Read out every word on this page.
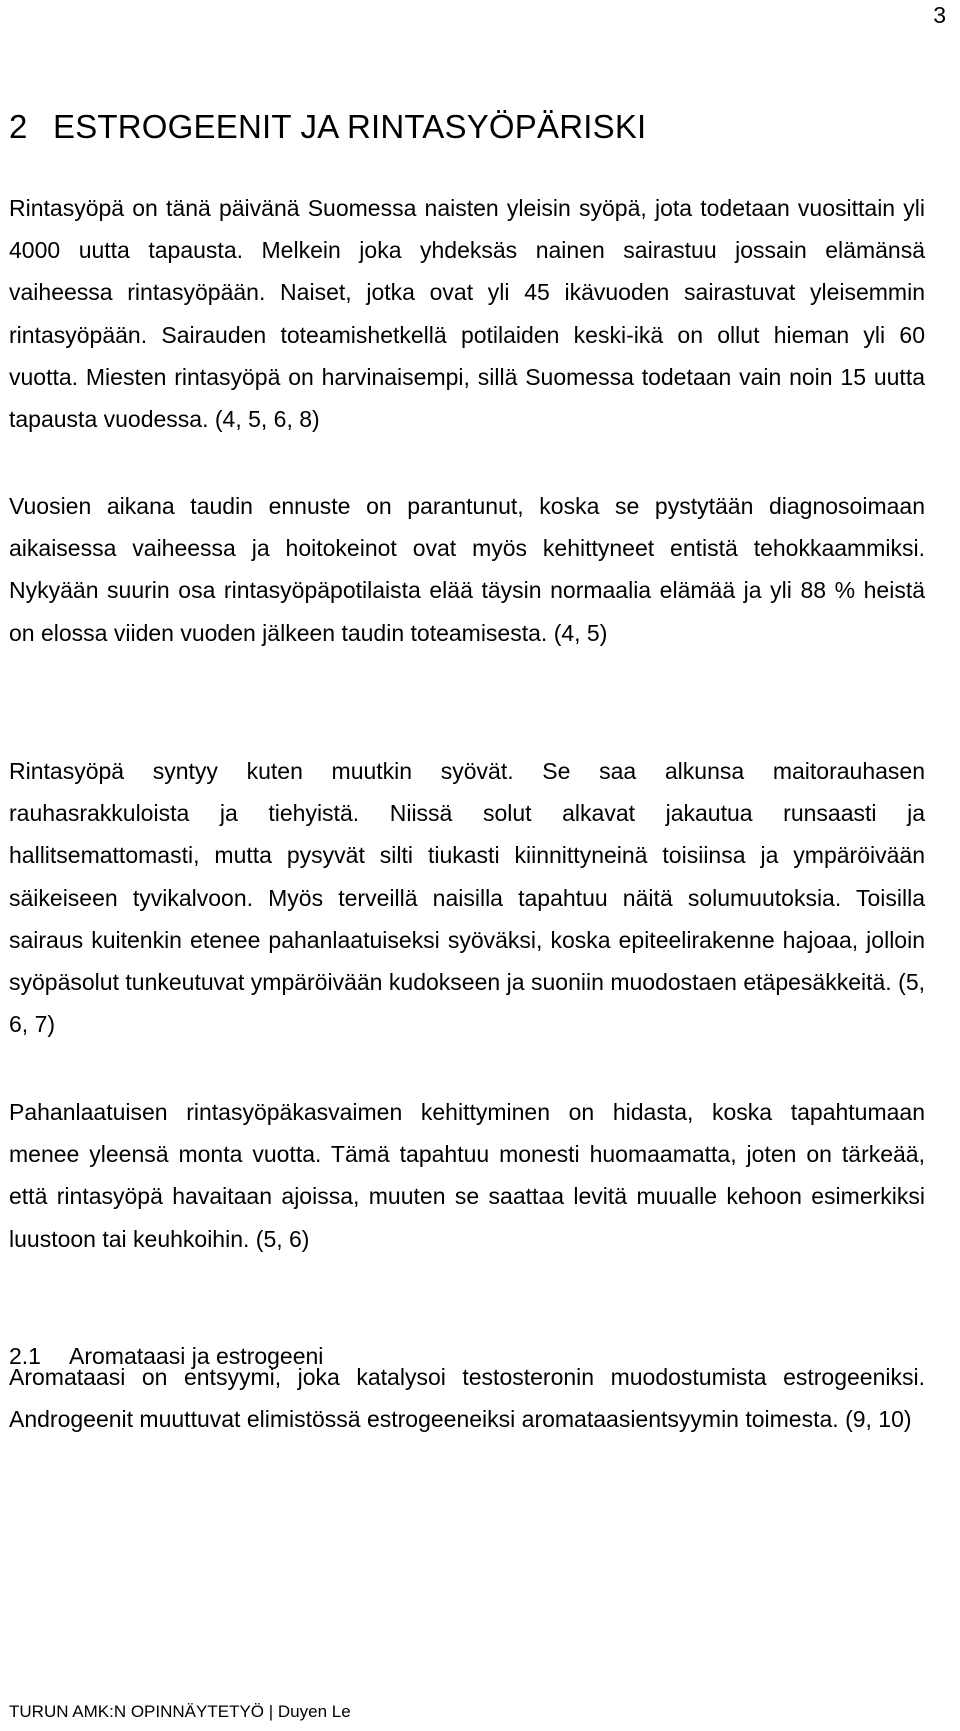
3
2 ESTROGEENIT JA RINTASYÖPÄRISKI

Rintasyöpä on tänä päivänä Suomessa naisten yleisin syöpä, jota todetaan vuosittain yli 4000 uutta tapausta. Melkein joka yhdeksäs nainen sairastuu jossain elämänsä vaiheessa rintasyöpään. Naiset, jotka ovat yli 45 ikävuoden sairastuvat yleisemmin rintasyöpään. Sairauden toteamishetkellä potilaiden keski-ikä on ollut hieman yli 60 vuotta. Miesten rintasyöpä on harvinaisempi, sillä Suomessa todetaan vain noin 15 uutta tapausta vuodessa. (4, 5, 6, 8)

Vuosien aikana taudin ennuste on parantunut, koska se pystytään diagnosoimaan aikaisessa vaiheessa ja hoitokeinot ovat myös kehittyneet entistä tehokkaammiksi. Nykyään suurin osa rintasyöpäpotilaista elää täysin normaalia elämää ja yli 88 % heistä on elossa viiden vuoden jälkeen taudin toteamisesta. (4, 5)

Rintasyöpä syntyy kuten muutkin syövät. Se saa alkunsa maitorauhasen rauhasrakkuloista ja tiehyistä. Niissä solut alkavat jakautua runsaasti ja hallitsemattomasti, mutta pysyvät silti tiukasti kiinnittyneinä toisiinsa ja ympäröivään säikeiseen tyvikalvoon. Myös terveillä naisilla tapahtuu näitä solumuutoksia. Toisilla sairaus kuitenkin etenee pahanlaatuiseksi syöväksi, koska epiteelirakenne hajoaa, jolloin syöpäsolut tunkeutuvat ympäröivään kudokseen ja suoniin muodostaen etäpesäkkeitä. (5, 6, 7)

Pahanlaatuisen rintasyöpäkasvaimen kehittyminen on hidasta, koska tapahtumaan menee yleensä monta vuotta. Tämä tapahtuu monesti huomaamatta, joten on tärkeää, että rintasyöpä havaitaan ajoissa, muuten se saattaa levitä muualle kehoon esimerkiksi luustoon tai keuhkoihin. (5, 6)

2.1 Aromataasi ja estrogeeni

Aromataasi on entsyymi, joka katalysoi testosteronin muodostumista estrogeeniksi. Androgeenit muuttuvat elimistössä estrogeeneiksi aromataasientsyymin toimesta. (9, 10)

TURUN AMK:N OPINNÄYTETYÖ | Duyen Le
